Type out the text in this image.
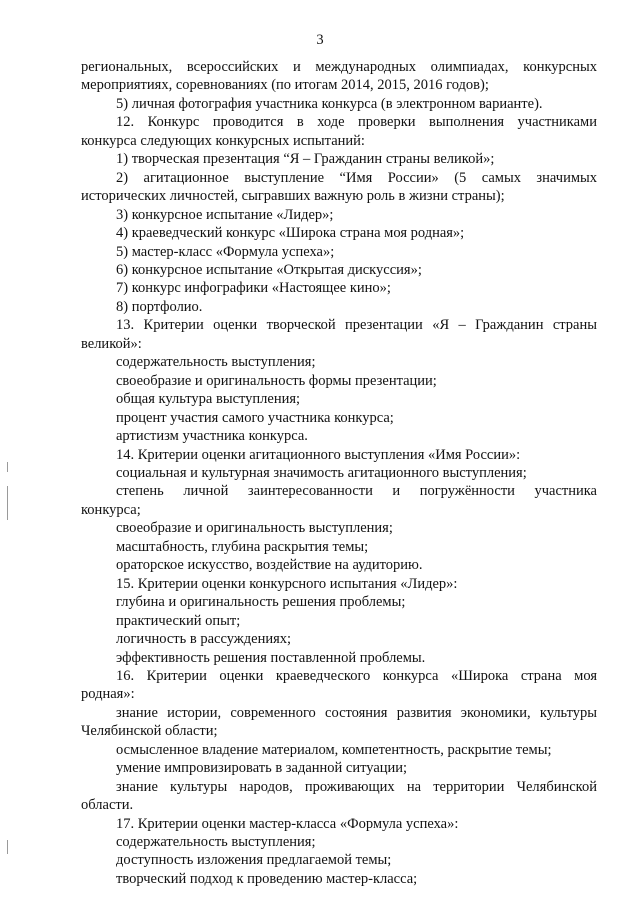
3
региональных, всероссийских и международных олимпиадах, конкурсных
мероприятиях, соревнованиях (по итогам 2014, 2015, 2016 годов);
5) личная фотография участника конкурса (в электронном варианте).
12. Конкурс проводится в ходе проверки выполнения участниками
конкурса следующих конкурсных испытаний:
1) творческая презентация “Я – Гражданин страны великой»;
2) агитационное выступление “Имя России» (5 самых значимых
исторических личностей, сыгравших важную роль в жизни страны);
3) конкурсное испытание «Лидер»;
4) краеведческий конкурс «Широка страна моя родная»;
5) мастер-класс «Формула успеха»;
6) конкурсное испытание «Открытая дискуссия»;
7) конкурс инфографики «Настоящее кино»;
8) портфолио.
13. Критерии оценки творческой презентации «Я – Гражданин страны
великой»:
содержательность выступления;
своеобразие и оригинальность формы презентации;
общая культура выступления;
процент участия самого участника конкурса;
артистизм участника конкурса.
14. Критерии оценки агитационного выступления «Имя России»:
социальная и культурная значимость агитационного выступления;
степень личной заинтересованности и погружённости участника
конкурса;
своеобразие и оригинальность выступления;
масштабность, глубина раскрытия темы;
ораторское искусство, воздействие на аудиторию.
15. Критерии оценки конкурсного испытания «Лидер»:
глубина и оригинальность решения проблемы;
практический опыт;
логичность в рассуждениях;
эффективность решения поставленной проблемы.
16. Критерии оценки краеведческого конкурса «Широка страна моя
родная»:
знание истории, современного состояния развития экономики, культуры
Челябинской области;
осмысленное владение материалом, компетентность, раскрытие темы;
умение импровизировать в заданной ситуации;
знание культуры народов, проживающих на территории Челябинской
области.
17. Критерии оценки мастер-класса «Формула успеха»:
содержательность выступления;
доступность изложения предлагаемой темы;
творческий подход к проведению мастер-класса;
